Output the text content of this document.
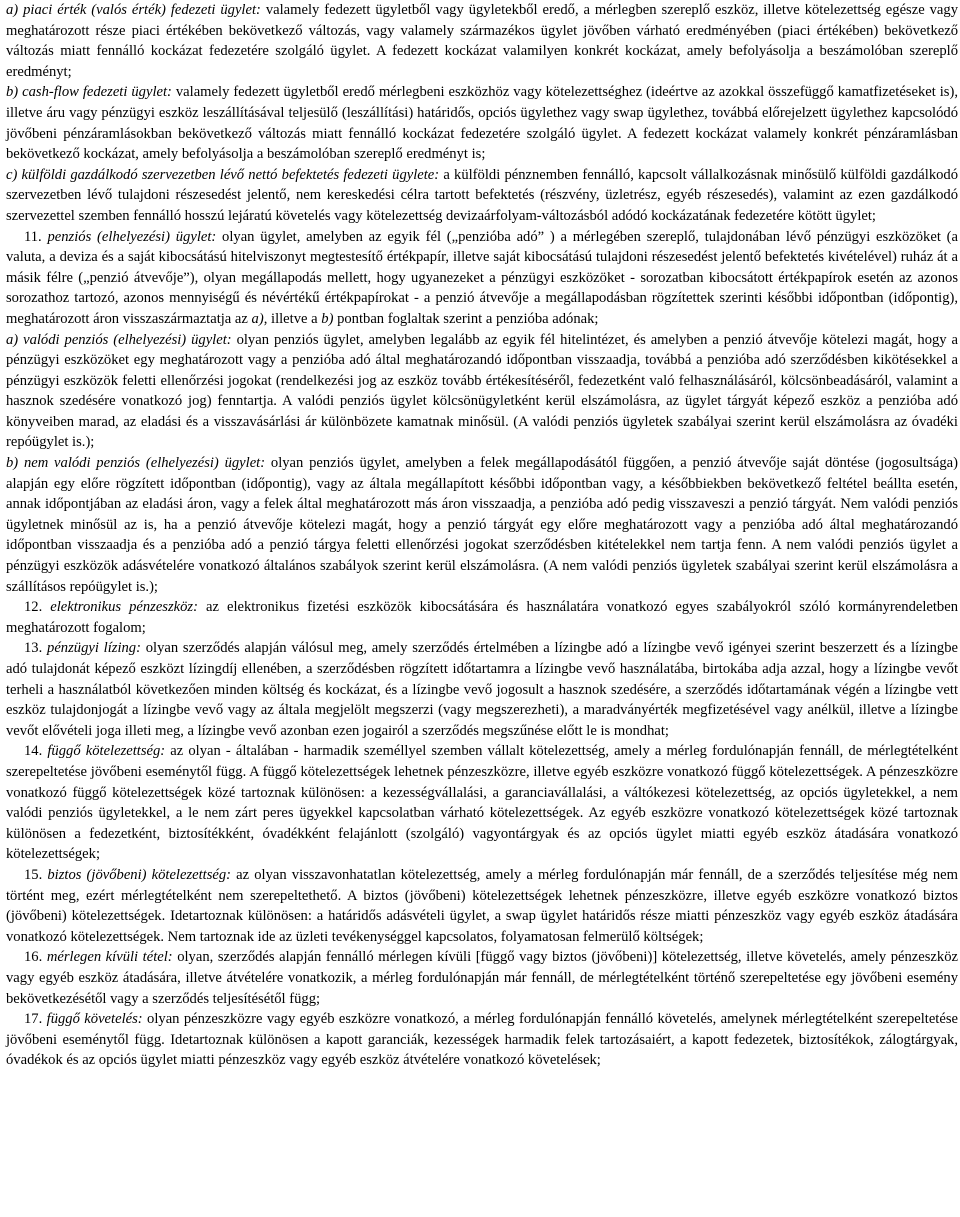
a) piaci érték (valós érték) fedezeti ügylet: valamely fedezett ügyletből vagy ügyletekből eredő, a mérlegben szereplő eszköz, illetve kötelezettség egésze vagy meghatározott része piaci értékében bekövetkező változás, vagy valamely származékos ügylet jövőben várható eredményében (piaci értékében) bekövetkező változás miatt fennálló kockázat fedezetére szolgáló ügylet. A fedezett kockázat valamilyen konkrét kockázat, amely befolyásolja a beszámolóban szereplő eredményt;

b) cash-flow fedezeti ügylet: valamely fedezett ügyletből eredő mérlegbeni eszközhöz vagy kötelezettséghez (ideértve az azokkal összefüggő kamatfizetéseket is), illetve áru vagy pénzügyi eszköz leszállításával teljesülő (leszállítási) határidős, opciós ügylethez vagy swap ügylethez, továbbá előrejelzett ügylethez kapcsolódó jövőbeni pénzáramlásokban bekövetkező változás miatt fennálló kockázat fedezetére szolgáló ügylet. A fedezett kockázat valamely konkrét pénzáramlásban bekövetkező kockázat, amely befolyásolja a beszámolóban szereplő eredményt is;

c) külföldi gazdálkodó szervezetben lévő nettó befektetés fedezeti ügylete: a külföldi pénznemben fennálló, kapcsolt vállalkozásnak minősülő külföldi gazdálkodó szervezetben lévő tulajdoni részesedést jelentő, nem kereskedési célra tartott befektetés (részvény, üzletrész, egyéb részesedés), valamint az ezen gazdálkodó szervezettel szemben fennálló hosszú lejáratú követelés vagy kötelezettség devizaárfolyam-változásból adódó kockázatának fedezetére kötött ügylet;

11. penziós (elhelyezési) ügylet: olyan ügylet, amelyben az egyik fél („penzióba adó” ) a mérlegében szereplő, tulajdonában lévő pénzügyi eszközöket (a valuta, a deviza és a saját kibocsátású hitelviszonyt megtestesítő értékpapír, illetve saját kibocsátású tulajdoni részesedést jelentő befektetés kivételével) ruház át a másik félre („penzió átvevője”), olyan megállapodás mellett, hogy ugyanezeket a pénzügyi eszközöket - sorozatban kibocsátott értékpapírok esetén az azonos sorozathoz tartozó, azonos mennyiségű és névértékű értékpapírokat - a penzió átvevője a megállapodásban rögzítettek szerinti későbbi időpontban (időpontig), meghatározott áron visszaszármaztatja az a), illetve a b) pontban foglaltak szerint a penzióba adónak;

a) valódi penziós (elhelyezési) ügylet: olyan penziós ügylet, amelyben legalább az egyik fél hitelintézet, és amelyben a penzió átvevője kötelezi magát, hogy a pénzügyi eszközöket egy meghatározott vagy a penzióba adó által meghatározandó időpontban visszaadja, továbbá a penzióba adó szerződésben kikötésekkel a pénzügyi eszközök feletti ellenőrzési jogokat (rendelkezési jog az eszköz tovább értékesítéséről, fedezetként való felhasználásáról, kölcsönbeadásáról, valamint a hasznok szedésére vonatkozó jog) fenntartja. A valódi penziós ügylet kölcsönügyletként kerül elszámolásra, az ügylet tárgyát képező eszköz a penzióba adó könyveiben marad, az eladási és a visszavásárlási ár különbözete kamatnak minősül. (A valódi penziós ügyletek szabályai szerint kerül elszámolásra az óvadéki repóügylet is.);

b) nem valódi penziós (elhelyezési) ügylet: olyan penziós ügylet, amelyben a felek megállapodásától függően, a penzió átvevője saját döntése (jogosultsága) alapján egy előre rögzített időpontban (időpontig), vagy az általa megállapított későbbi időpontban vagy, a későbbiekben bekövetkező feltétel beállta esetén, annak időpontjában az eladási áron, vagy a felek által meghatározott más áron visszaadja, a penzióba adó pedig visszaveszi a penzió tárgyát. Nem valódi penziós ügyletnek minősül az is, ha a penzió átvevője kötelezi magát, hogy a penzió tárgyát egy előre meghatározott vagy a penzióba adó által meghatározandó időpontban visszaadja és a penzióba adó a penzió tárgya feletti ellenőrzési jogokat szerződésben kitételekkel nem tartja fenn. A nem valódi penziós ügylet a pénzügyi eszközök adásvételére vonatkozó általános szabályok szerint kerül elszámolásra. (A nem valódi penziós ügyletek szabályai szerint kerül elszámolásra a szállításos repóügylet is.);

12. elektronikus pénzeszköz: az elektronikus fizetési eszközök kibocsátására és használatára vonatkozó egyes szabályokról szóló kormányrendeletben meghatározott fogalom;

13. pénzügyi lízing: olyan szerződés alapján válósul meg, amely szerződés értelmében a lízingbe adó a lízingbe vevő igényei szerint beszerzett és a lízingbe adó tulajdonát képező eszközt lízingdíj ellenében, a szerződésben rögzített időtartamra a lízingbe vevő használatába, birtokába adja azzal, hogy a lízingbe vevőt terheli a használatból következően minden költség és kockázat, és a lízingbe vevő jogosult a hasznok szedésére, a szerződés időtartamának végén a lízingbe vett eszköz tulajdonjogát a lízingbe vevő vagy az általa megjelölt megszerzi (vagy megszerezheti), a maradványérték megfizetésével vagy anélkül, illetve a lízingbe vevőt elővételi joga illeti meg, a lízingbe vevő azonban ezen jogairól a szerződés megszűnése előtt le is mondhat;

14. függő kötelezettség: az olyan - általában - harmadik személlyel szemben vállalt kötelezettség, amely a mérleg fordulónapján fennáll, de mérlegtételként szerepeltetése jövőbeni eseménytől függ. A függő kötelezettségek lehetnek pénzeszközre, illetve egyéb eszközre vonatkozó függő kötelezettségek. A pénzeszközre vonatkozó függő kötelezettségek közé tartoznak különösen: a kezességvállalási, a garanciavállalási, a váltókezesi kötelezettség, az opciós ügyletekkel, a nem valódi penziós ügyletekkel, a le nem zárt peres ügyekkel kapcsolatban várható kötelezettségek. Az egyéb eszközre vonatkozó kötelezettségek közé tartoznak különösen a fedezetként, biztosítékként, óvadékként felajánlott (szolgáló) vagyontárgyak és az opciós ügylet miatti egyéb eszköz átadására vonatkozó kötelezettségek;

15. biztos (jövőbeni) kötelezettség: az olyan visszavonhatatlan kötelezettség, amely a mérleg fordulónapján már fennáll, de a szerződés teljesítése még nem történt meg, ezért mérlegtételként nem szerepeltethető. A biztos (jövőbeni) kötelezettségek lehetnek pénzeszközre, illetve egyéb eszközre vonatkozó biztos (jövőbeni) kötelezettségek. Idetartoznak különösen: a határidős adásvételi ügylet, a swap ügylet határidős része miatti pénzeszköz vagy egyéb eszköz átadására vonatkozó kötelezettségek. Nem tartoznak ide az üzleti tevékenységgel kapcsolatos, folyamatosan felmerülő költségek;

16. mérlegen kívüli tétel: olyan, szerződés alapján fennálló mérlegen kívüli [függő vagy biztos (jövőbeni)] kötelezettség, illetve követelés, amely pénzeszköz vagy egyéb eszköz átadására, illetve átvételére vonatkozik, a mérleg fordulónapján már fennáll, de mérlegtételként történő szerepeltetése egy jövőbeni esemény bekövetkezésétől vagy a szerződés teljesítésétől függ;

17. függő követelés: olyan pénzeszközre vagy egyéb eszközre vonatkozó, a mérleg fordulónapján fennálló követelés, amelynek mérlegtételként szerepeltetése jövőbeni eseménytől függ. Idetartoznak különösen a kapott garanciák, kezességek harmadik felek tartozásaiért, a kapott fedezetek, biztosítékok, zálogtárgyak, óvadékok és az opciós ügylet miatti pénzeszköz vagy egyéb eszköz átvételére vonatkozó követelések;
